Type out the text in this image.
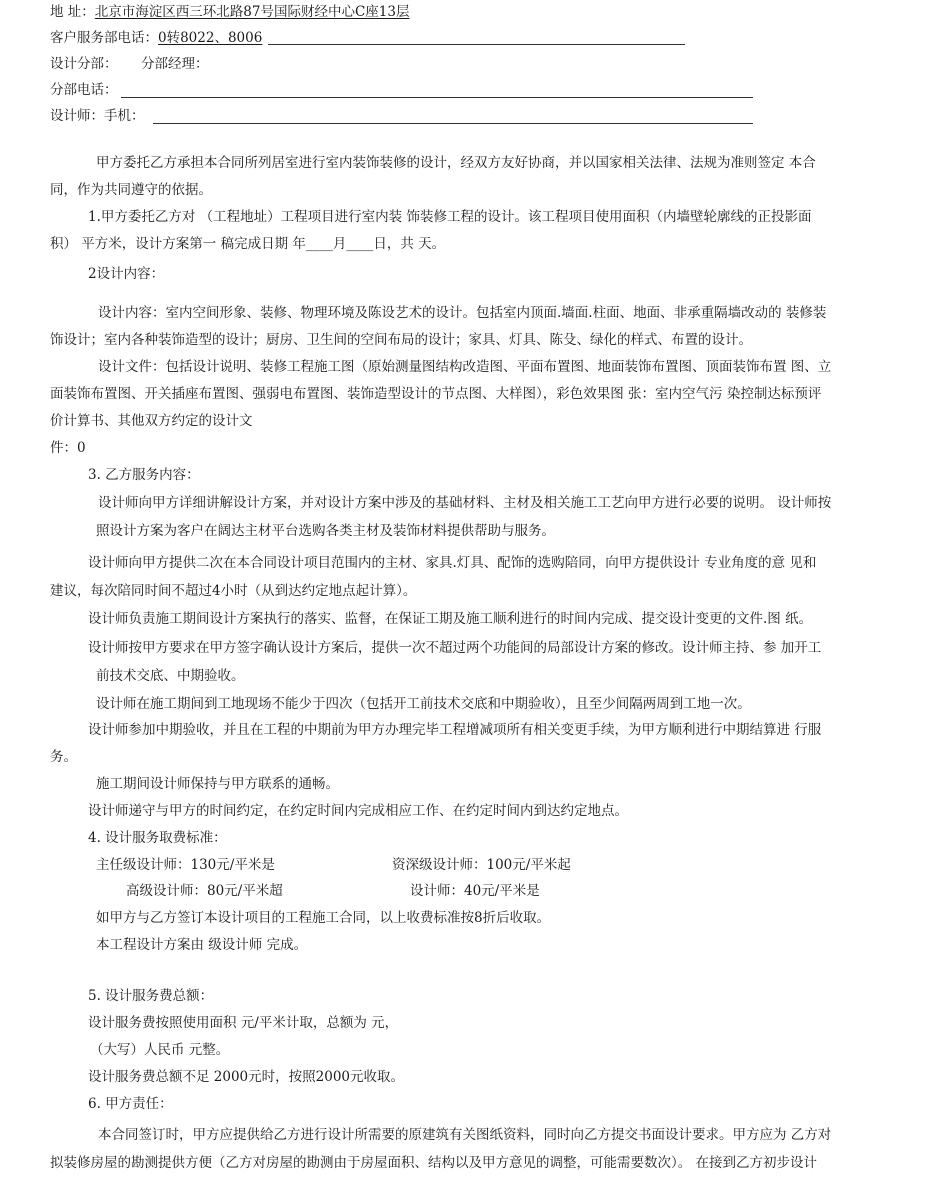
地 址：北京市海淀区西三环北路87号国际财经中心C座13层
客户服务部电话：0转8022、8006
设计分部： 分部经理：
分部电话：
设计师：手机：
甲方委托乙方承担本合同所列居室进行室内装饰装修的设计，经双方友好协商，并以国家相关法律、法规为准则签定 本合
同，作为共同遵守的依据。
1.甲方委托乙方对 （工程地址）工程项目进行室内装 饰装修工程的设计。该工程项目使用面积（内墙壁轮廓线的正投影面
积） 平方米，设计方案第一 稿完成日期 年____月____日，共 天。
2设计内容：
设计内容：室内空间形象、装修、物理环境及陈设艺术的设计。包括室内顶面.墙面.柱面、地面、非承重隔墙改动的 装修装
饰设计；室内各种装饰造型的设计；厨房、卫生间的空间布局的设计；家具、灯具、陈殳、绿化的样式、布置的设计。
设计文件：包括设计说明、装修工程施工图（原始测量图结构改造图、平面布置图、地面装饰布置图、顶面装饰布置 图、立
面装饰布置图、开关插座布置图、强弱电布置图、装饰造型设计的节点图、大样图），彩色效果图 张：室内空气污 染控制达标预评
价计算书、其他双方约定的设计文
件：0
3. 乙方服务内容：
设计师向甲方详细讲解设计方案，并对设计方案中涉及的基础材料、主材及相关施工工艺向甲方进行必要的说明。 设计师按
照设计方案为客户在阔达主材平台选购各类主材及装饰材料提供帮助与服务。
设计师向甲方提供二次在本合同设计项目范围内的主材、家具.灯具、配饰的选购陪同，向甲方提供设计 专业角度的意 见和
建议，每次陪同时间不超过4小时（从到达约定地点起计算）。
设计师负责施工期间设计方案执行的落实、监督，在保证工期及施工顺利进行的时间内完成、提交设计变更的文件.图 纸。
设计师按甲方要求在甲方签字确认设计方案后，提供一次不超过两个功能间的局部设计方案的修改。设计师主持、参 加开工
前技术交底、中期验收。
设计师在施工期间到工地现场不能少于四次（包括开工前技术交底和中期验收），且至少间隔两周到工地一次。
设计师参加中期验收，并且在工程的中期前为甲方办理完毕工程增减项所有相关变更手续，为甲方顺利进行中期结算进 行服
务。
施工期间设计师保持与甲方联系的通畅。
设计师递守与甲方的时间约定，在约定时间内完成相应工作、在约定时间内到达约定地点。
4. 设计服务取费标准：
主任级设计师：130元/平米是	资深级设计师：100元/平米起
高级设计师：80元/平米超	设计师：40元/平米是
如甲方与乙方签订本设计项目的工程施工合同，以上收费标准按8折后收取。
本工程设计方案由 级设计师 完成。
5. 设计服务费总额：
设计服务费按照使用面积 元/平米计取，总额为 元，
（大写）人民币 元整。
设计服务费总额不足 2000元时，按照2000元收取。
6. 甲方责任：
本合同签订时，甲方应提供给乙方进行设计所需要的原建筑有关图纸资料，同时向乙方提交书面设计要求。甲方应为 乙方对
拟装修房屋的勘测提供方便（乙方对房屋的勘测由于房屋面积、结构以及甲方意见的调整，可能需要数次）。 在接到乙方初步设计
